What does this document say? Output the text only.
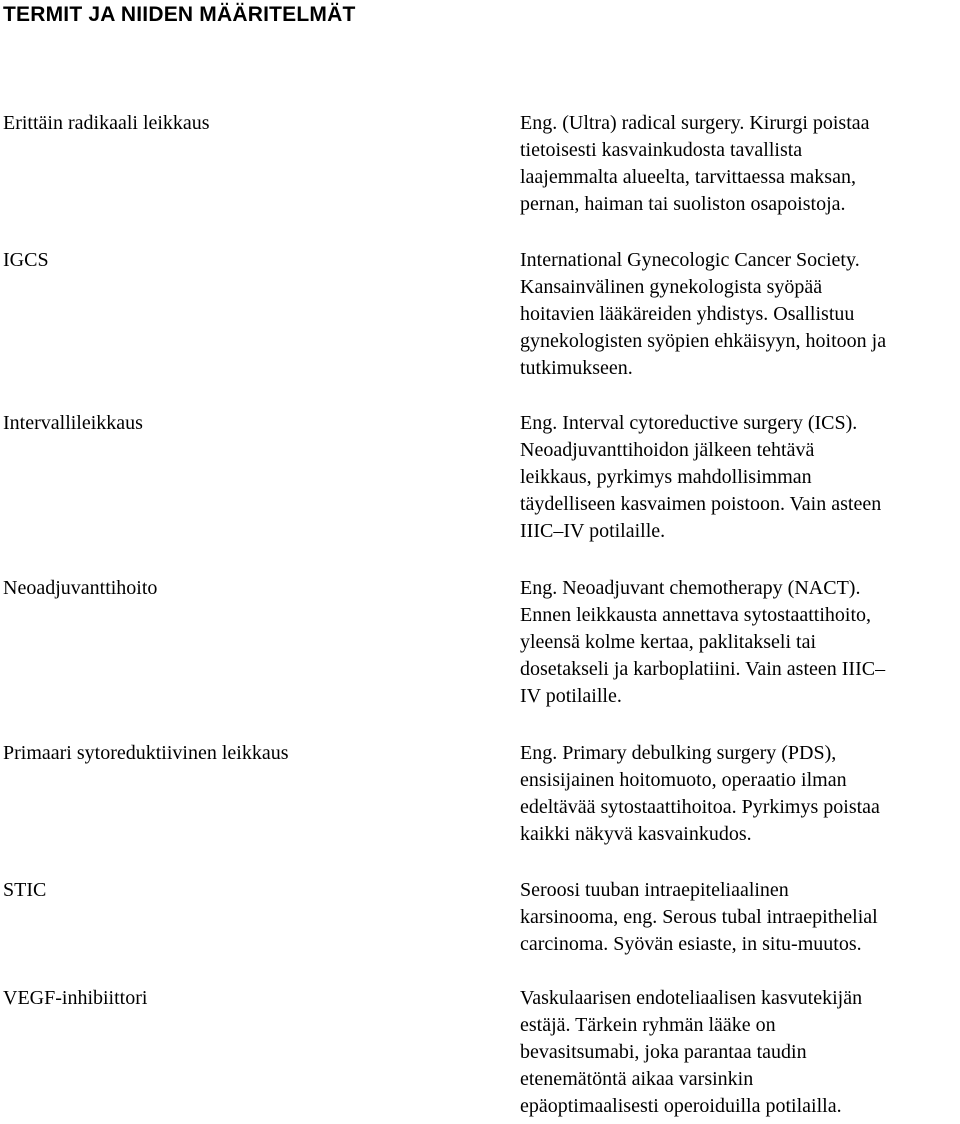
TERMIT JA NIIDEN MÄÄRITELMÄT
Erittäin radikaali leikkaus	Eng. (Ultra) radical surgery. Kirurgi poistaa
tietoisesti kasvainkudosta tavallista
laajemmalta alueelta, tarvittaessa maksan,
pernan, haiman tai suoliston osapoistoja.
IGCS	International Gynecologic Cancer Society.
Kansainvälinen gynekologista syöpää
hoitavien lääkäreiden yhdistys. Osallistuu
gynekologisten syöpien ehkäisyyn, hoitoon ja
tutkimukseen.
Intervallileikkaus	Eng. Interval cytoreductive surgery (ICS).
Neoadjuvanttihoidon jälkeen tehtävä
leikkaus, pyrkimys mahdollisimman
täydelliseen kasvaimen poistoon. Vain asteen
IIIC–IV potilaille.
Neoadjuvanttihoito	Eng. Neoadjuvant chemotherapy (NACT).
Ennen leikkausta annettava sytostaattihoito,
yleensä kolme kertaa, paklitakseli tai
dosetakseli ja karboplatiini. Vain asteen IIIC–
IV potilaille.
Primaari sytoreduktiivinen leikkaus	Eng. Primary debulking surgery (PDS),
ensisijainen hoitomuoto, operaatio ilman
edeltävää sytostaattihoitoa. Pyrkimys poistaa
kaikki näkyvä kasvainkudos.
STIC	Seroosi tuuban intraepiteliaalinen
karsinooma, eng. Serous tubal intraepithelial
carcinoma. Syövän esiaste, in situ-muutos.
VEGF-inhibiittori	Vaskulaarisen endoteliaalisen kasvutekijän
estäjä. Tärkein ryhmän lääke on
bevasitsumabi, joka parantaa taudin
etenemätöntä aikaa varsinkin
epäoptimaalisesti operoiduilla potilailla.
